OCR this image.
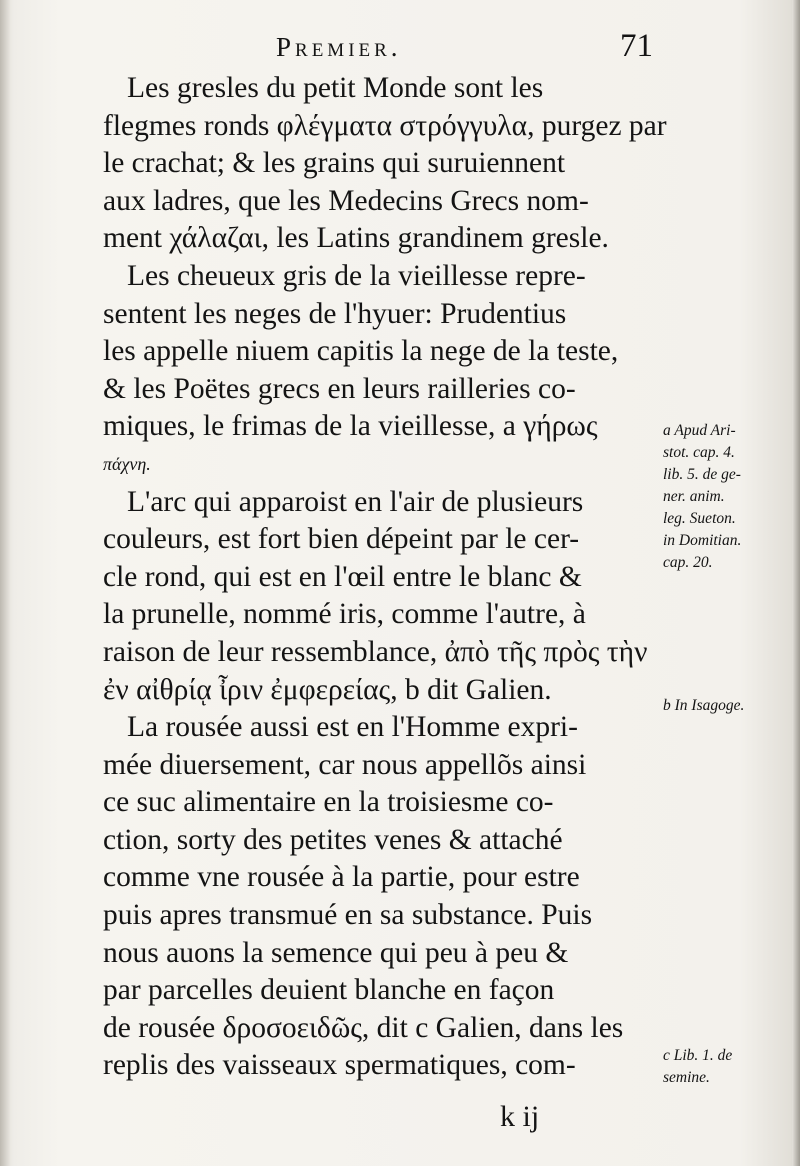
Premier.	71
Les gresles du petit Monde sont les
flegmes ronds φλέγματα στρόγγυλα, purgez par
le crachat; & les grains qui suruiennent
aux ladres, que les Medecins Grecs nom-
ment χάλαζαι, les Latins grandinem gresle.
Les cheueux gris de la vieillesse repre-
sentent les neges de l'hyuer: Prudentius
les appelle niuem capitis la nege de la teste,
& les Poëtes grecs en leurs railleries co-
miques, le frimas de la vieillesse, a γήρως
πάχνη.
L'arc qui apparoist en l'air de plusieurs
couleurs, est fort bien dépeint par le cer-
cle rond, qui est en l'œil entre le blanc &
la prunelle, nommé iris, comme l'autre, à
raison de leur ressemblance, ἀπὸ τῆς πρὸς τὴν
ἐν αἰθρίᾳ ἶριν ἐμφερείας, b dit Galien.
La rousée aussi est en l'Homme expri-
mée diuersement, car nous appellõs ainsi
ce suc alimentaire en la troisiesme co-
ction, sorty des petites venes & attaché
comme vne rousée à la partie, pour estre
puis apres transmué en sa substance. Puis
nous auons la semence qui peu à peu &
par parcelles deuient blanche en façon
de rousée δροσοειδῶς, dit c Galien, dans les
replis des vaisseaux spermatiques, com-
a Apud Ari-
stot. cap. 4.
lib. 5. de ge-
ner. anim.
leg. Sueton.
in Domitian.
cap. 20.
b In Isagoge.
c Lib. 1. de
semine.
k ij
